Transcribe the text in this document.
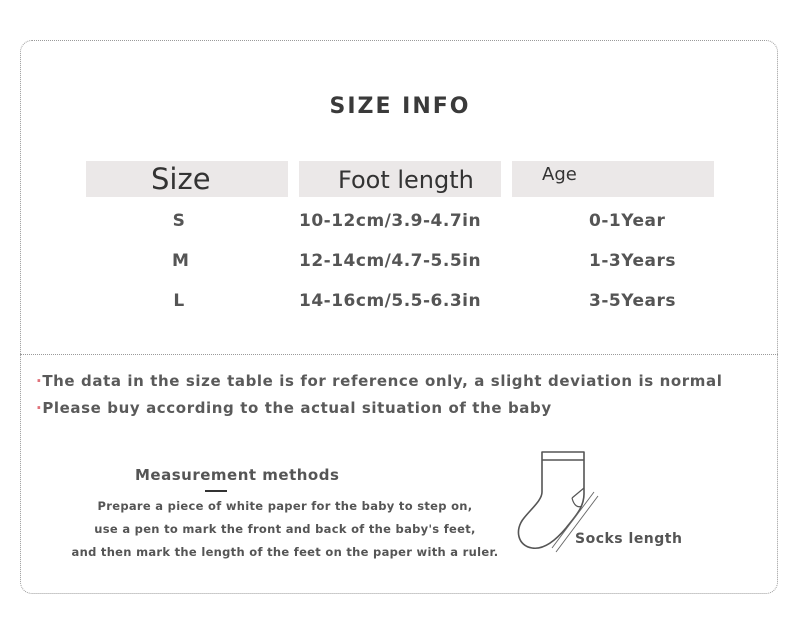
SIZE INFO
Size	Foot length	Age
S	10-12cm/3.9-4.7in	0-1Year
M	12-14cm/4.7-5.5in	1-3Years
L	14-16cm/5.5-6.3in	3-5Years
·The data in the size table is for reference only, a slight deviation is normal
·Please buy according to the actual situation of the baby
Measurement methods
Prepare a piece of white paper for the baby to step on,
use a pen to mark the front and back of the baby's feet,
and then mark the length of the feet on the paper with a ruler.
Socks length
